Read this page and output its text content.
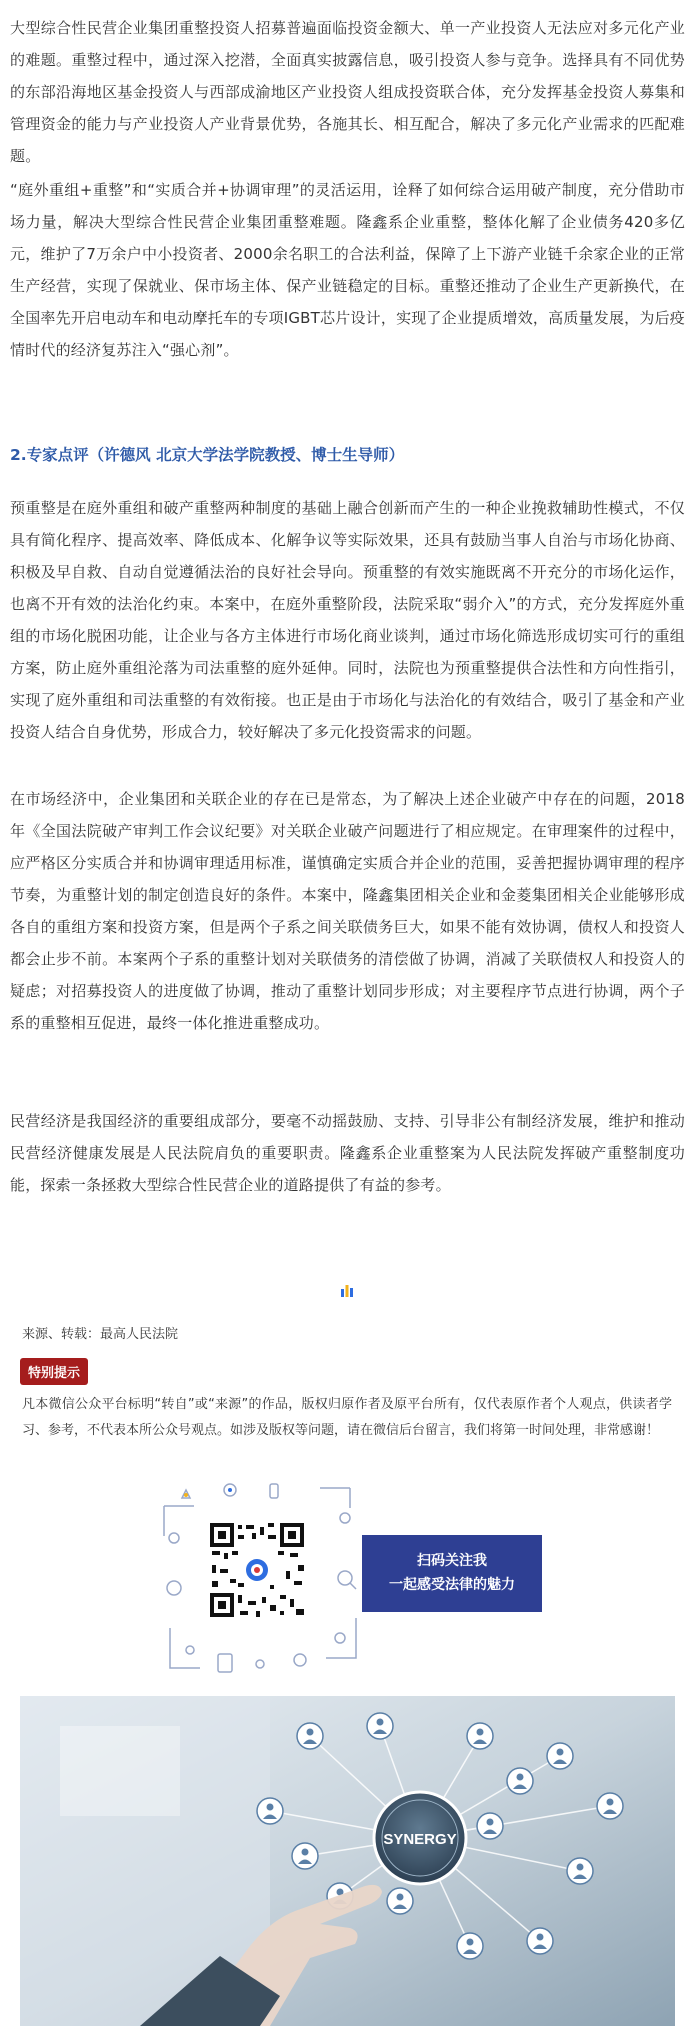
大型综合性民营企业集团重整投资人招募普遍面临投资金额大、单一产业投资人无法应对多元化产业的难题。重整过程中，通过深入挖潜，全面真实披露信息，吸引投资人参与竞争。选择具有不同优势的东部沿海地区基金投资人与西部成渝地区产业投资人组成投资联合体，充分发挥基金投资人募集和管理资金的能力与产业投资人产业背景优势，各施其长、相互配合，解决了多元化产业需求的匹配难题。

“庭外重组+重整”和“实质合并+协调审理”的灵活运用，诠释了如何综合运用破产制度，充分借助市场力量，解决大型综合性民营企业集团重整难题。隆鑫系企业重整，整体化解了企业债务420多亿元，维护了7万余户中小投资者、2000余名职工的合法利益，保障了上下游产业链千余家企业的正常生产经营，实现了保就业、保市场主体、保产业链稳定的目标。重整还推动了企业生产更新换代，在全国率先开启电动车和电动摩托车的专项IGBT芯片设计，实现了企业提质增效，高质量发展，为后疫情时代的经济复苏注入“强心剂”。

2.专家点评（许德风 北京大学法学院教授、博士生导师）

预重整是在庭外重组和破产重整两种制度的基础上融合创新而产生的一种企业挽救辅助性模式，不仅具有简化程序、提高效率、降低成本、化解争议等实际效果，还具有鼓励当事人自治与市场化协商、积极及早自救、自动自觉遵循法治的良好社会导向。预重整的有效实施既离不开充分的市场化运作，也离不开有效的法治化约束。本案中，在庭外重整阶段，法院采取“弱介入”的方式，充分发挥庭外重组的市场化脱困功能，让企业与各方主体进行市场化商业谈判，通过市场化筛选形成切实可行的重组方案，防止庭外重组沦落为司法重整的庭外延伸。同时，法院也为预重整提供合法性和方向性指引，实现了庭外重组和司法重整的有效衔接。也正是由于市场化与法治化的有效结合，吸引了基金和产业投资人结合自身优势，形成合力，较好解决了多元化投资需求的问题。

在市场经济中，企业集团和关联企业的存在已是常态，为了解决上述企业破产中存在的问题，2018年《全国法院破产审判工作会议纪要》对关联企业破产问题进行了相应规定。在审理案件的过程中，应严格区分实质合并和协调审理适用标准，谨慎确定实质合并企业的范围，妥善把握协调审理的程序节奏，为重整计划的制定创造良好的条件。本案中，隆鑫集团相关企业和金菱集团相关企业能够形成各自的重组方案和投资方案，但是两个子系之间关联债务巨大，如果不能有效协调，债权人和投资人都会止步不前。本案两个子系的重整计划对关联债务的清偿做了协调，消减了关联债权人和投资人的疑虑；对招募投资人的进度做了协调，推动了重整计划同步形成；对主要程序节点进行协调，两个子系的重整相互促进，最终一体化推进重整成功。

民营经济是我国经济的重要组成部分，要毫不动摇鼓励、支持、引导非公有制经济发展，维护和推动民营经济健康发展是人民法院肩负的重要职责。隆鑫系企业重整案为人民法院发挥破产重整制度功能，探索一条拯救大型综合性民营企业的道路提供了有益的参考。

来源、转载：最高人民法院
特别提示

凡本微信公众平台标明“转自”或“来源”的作品，版权归原作者及原平台所有，仅代表原作者个人观点，供读者学习、参考，不代表本所公众号观点。如涉及版权等问题，请在微信后台留言，我们将第一时间处理，非常感谢！

扫码关注我
一起感受法律的魅力
SYNERGY
